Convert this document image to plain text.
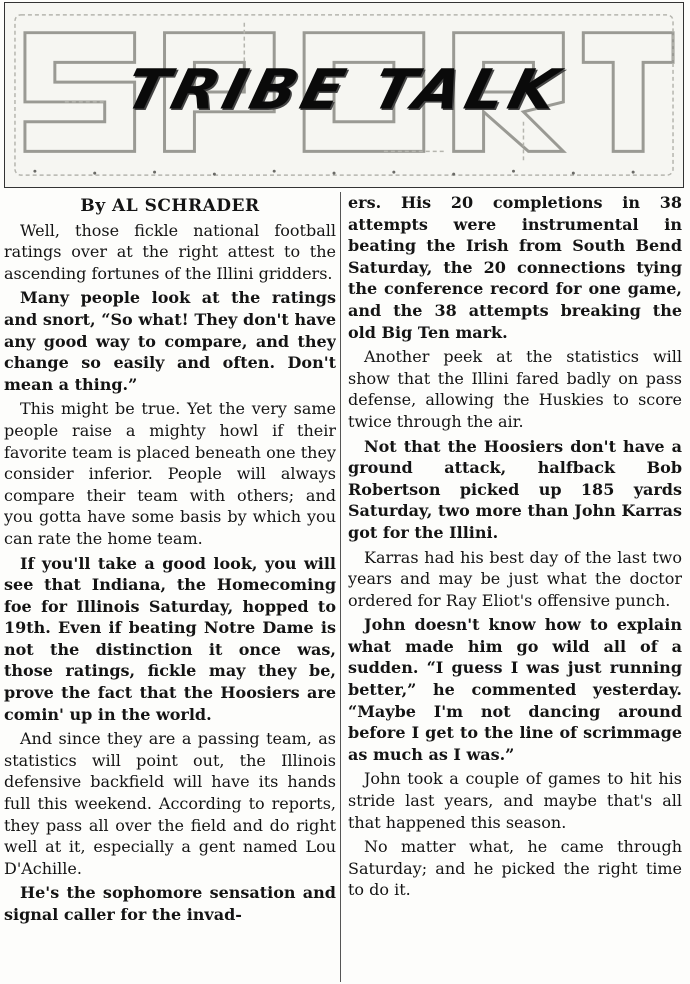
TRIBE TALK
By AL SCHRADER

Well, those fickle national football ratings over at the right attest to the ascending fortunes of the Illini gridders.

Many people look at the ratings and snort, “So what! They don't have any good way to compare, and they change so easily and often. Don't mean a thing.”

This might be true. Yet the very same people raise a mighty howl if their favorite team is placed beneath one they consider inferior. People will always compare their team with others; and you gotta have some basis by which you can rate the home team.

If you'll take a good look, you will see that Indiana, the Homecoming foe for Illinois Saturday, hopped to 19th. Even if beating Notre Dame is not the distinction it once was, those ratings, fickle may they be, prove the fact that the Hoosiers are comin' up in the world.

And since they are a passing team, as statistics will point out, the Illinois defensive backfield will have its hands full this weekend. According to reports, they pass all over the field and do right well at it, especially a gent named Lou D'Achille.

He's the sophomore sensation and signal caller for the invad-

ers. His 20 completions in 38 attempts were instrumental in beating the Irish from South Bend Saturday, the 20 connections tying the conference record for one game, and the 38 attempts breaking the old Big Ten mark.

Another peek at the statistics will show that the Illini fared badly on pass defense, allowing the Huskies to score twice through the air.

Not that the Hoosiers don't have a ground attack, halfback Bob Robertson picked up 185 yards Saturday, two more than John Karras got for the Illini.

Karras had his best day of the last two years and may be just what the doctor ordered for Ray Eliot's offensive punch.

John doesn't know how to explain what made him go wild all of a sudden. “I guess I was just running better,” he commented yesterday. “Maybe I'm not dancing around before I get to the line of scrimmage as much as I was.”

John took a couple of games to hit his stride last years, and maybe that's all that happened this season.

No matter what, he came through Saturday; and he picked the right time to do it.
